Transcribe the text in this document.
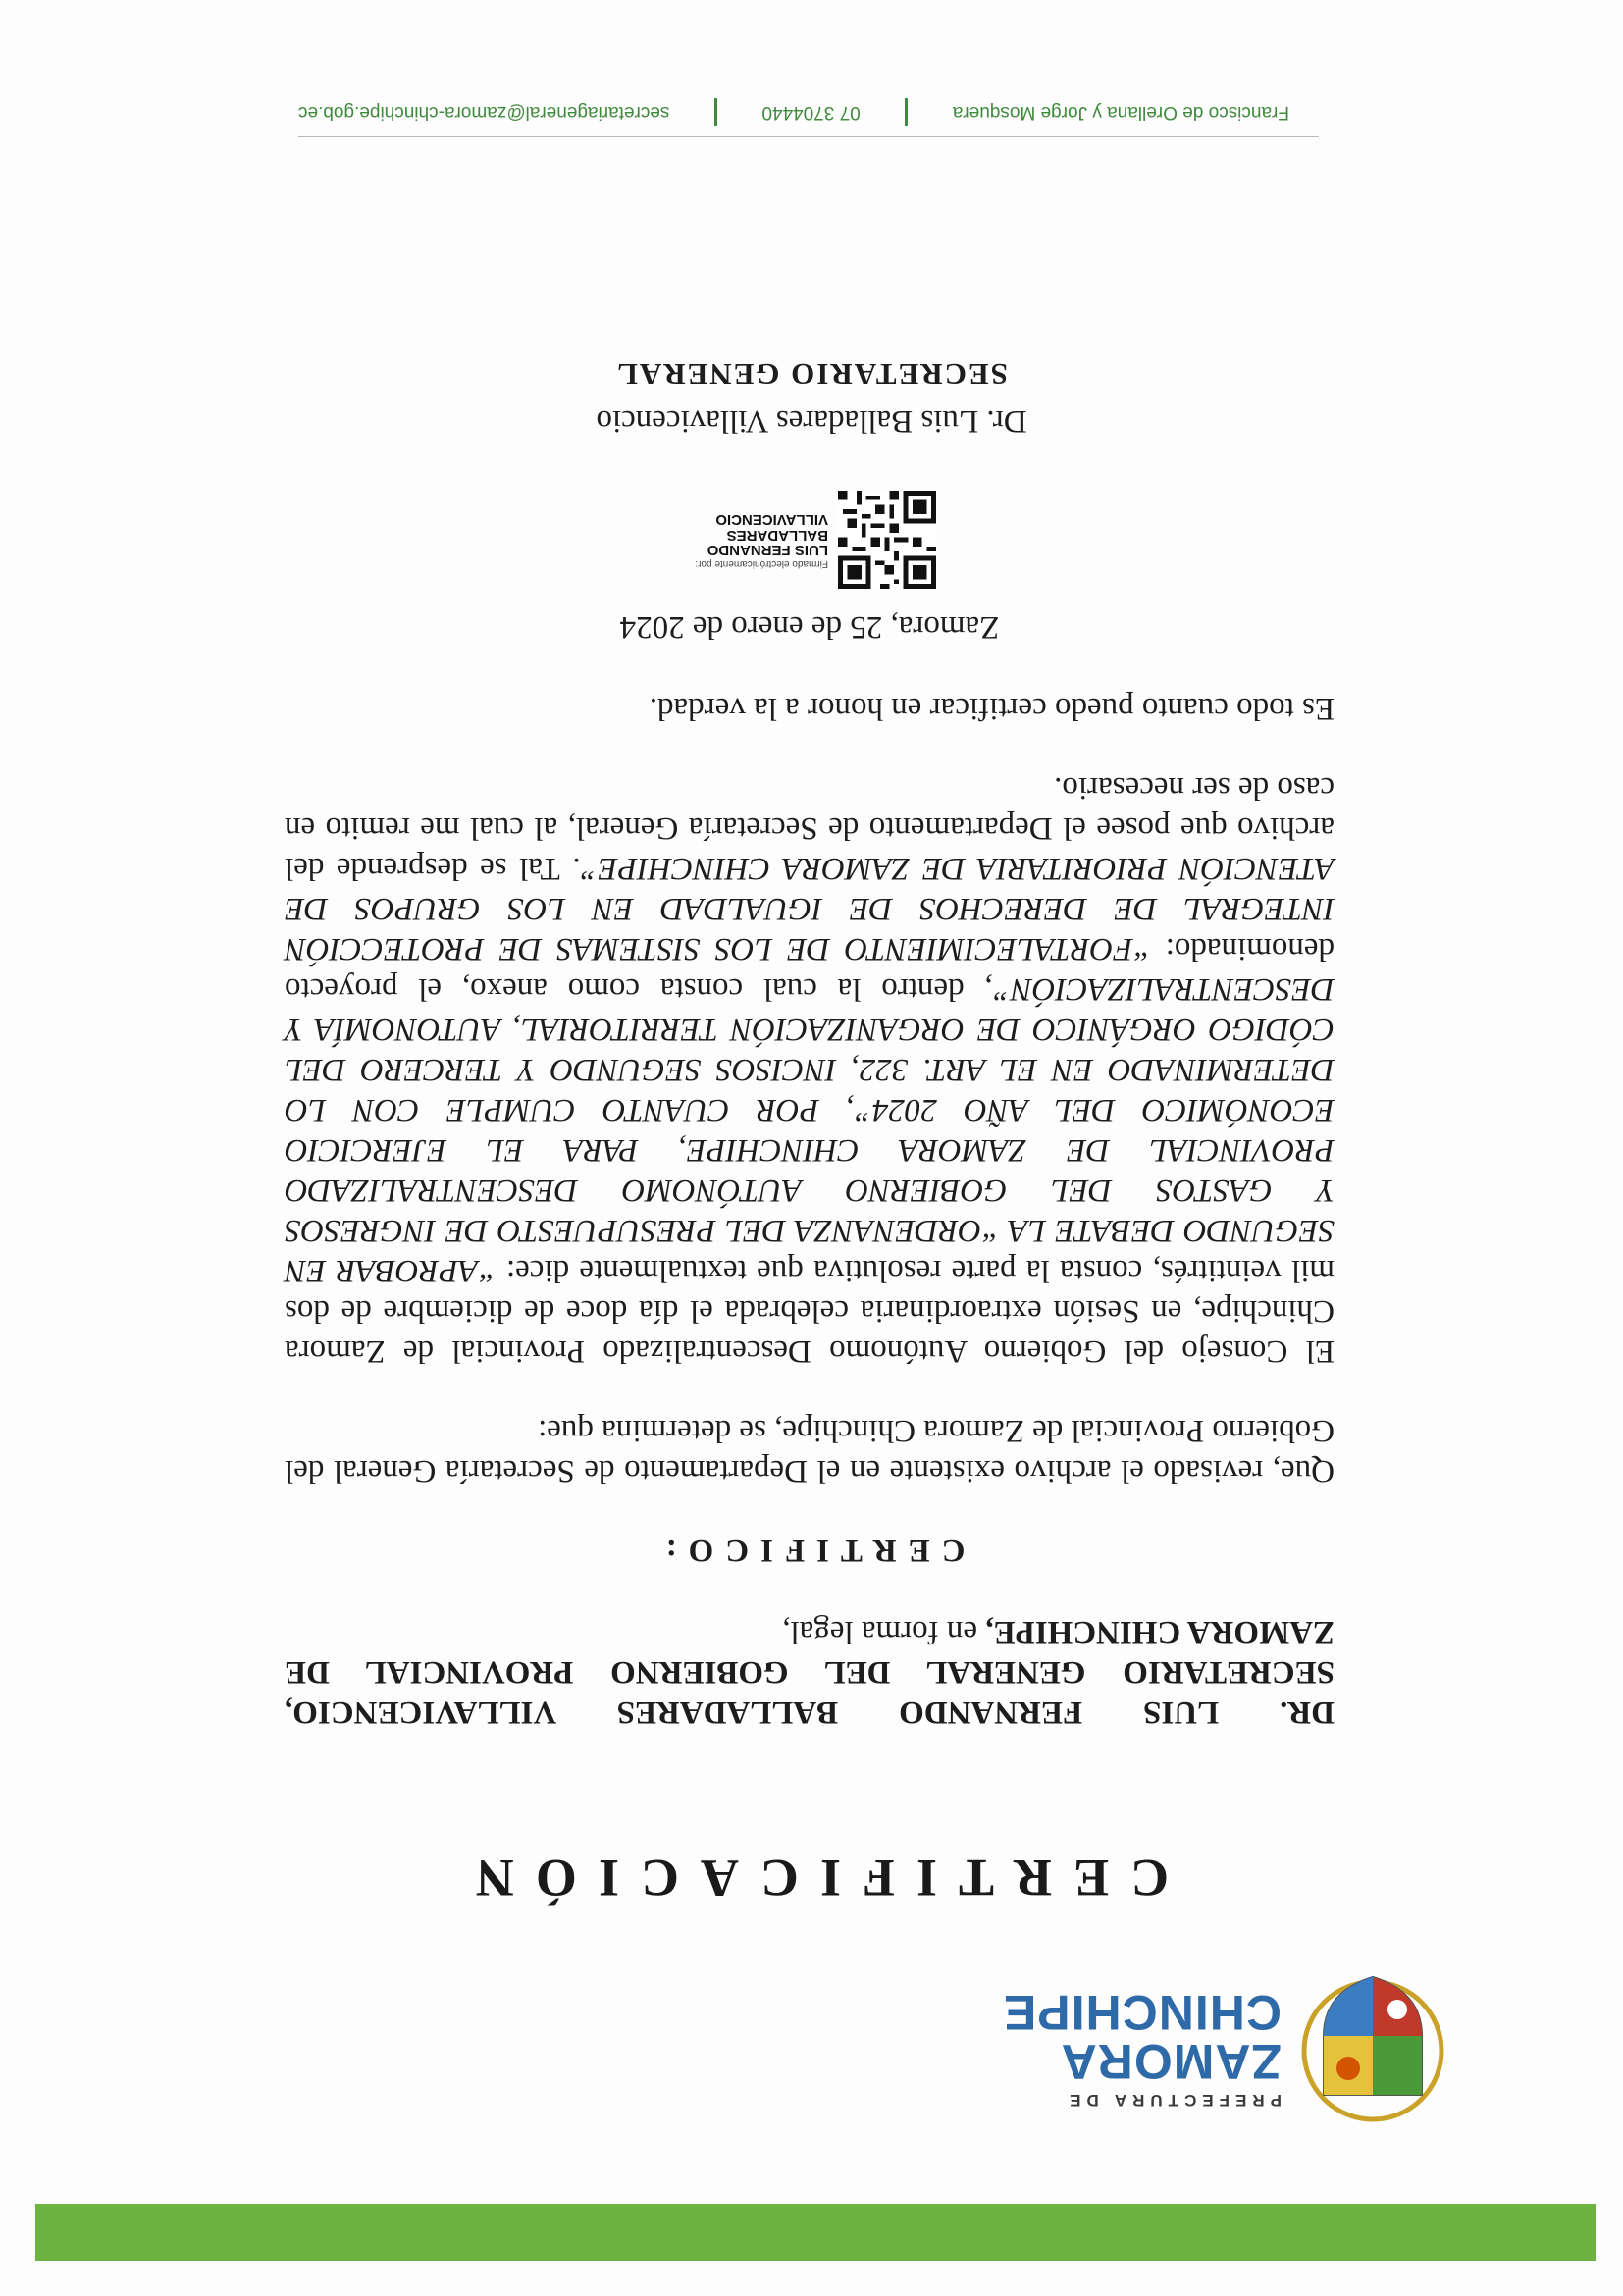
PREFECTURA DE
ZAMORA
CHINCHIPE
CERTIFICACIÓN
DR. LUIS FERNANDO BALLADARES VILLAVICENCIO, SECRETARIO GENERAL DEL GOBIERNO PROVINCIAL DE ZAMORA CHINCHIPE, en forma legal,
CERTIFICO:
Que, revisado el archivo existente en el Departamento de Secretaría General del Gobierno Provincial de Zamora Chinchipe, se determina que:
El Consejo del Gobierno Autónomo Descentralizado Provincial de Zamora Chinchipe, en Sesión extraordinaria celebrada el día doce de diciembre de dos mil veintitrés, consta la parte resolutiva que textualmente dice: “APROBAR EN SEGUNDO DEBATE LA “ORDENANZA DEL PRESUPUESTO DE INGRESOS Y GASTOS DEL GOBIERNO AUTÓNOMO DESCENTRALIZADO PROVINCIAL DE ZAMORA CHINCHIPE, PARA EL EJERCICIO ECONÓMICO DEL AÑO 2024”, POR CUANTO CUMPLE CON LO DETERMINADO EN EL ART. 322, INCISOS SEGUNDO Y TERCERO DEL CÓDIGO ORGÁNICO DE ORGANIZACIÓN TERRITORIAL, AUTONOMÍA Y DESCENTRALIZACIÓN”, dentro la cual consta como anexo, el proyecto denominado: “FORTALECIMIENTO DE LOS SISTEMAS DE PROTECCIÓN INTEGRAL DE DERECHOS DE IGUALDAD EN LOS GRUPOS DE ATENCIÓN PRIORITARIA DE ZAMORA CHINCHIPE”. Tal se desprende del archivo que posee el Departamento de Secretaría General, al cual me remito en caso de ser necesario.
Es todo cuanto puedo certificar en honor a la verdad.
Zamora, 25 de enero de 2024
Firmado electrónicamente por:
LUIS FERNANDO
BALLADARES
VILLAVICENCIO
Dr. Luis Balladares Villavicencio
SECRETARIO GENERAL
Francisco de Orellana y Jorge Mosquera
07 3704440
secretariageneral@zamora-chinchipe.gob.ec
